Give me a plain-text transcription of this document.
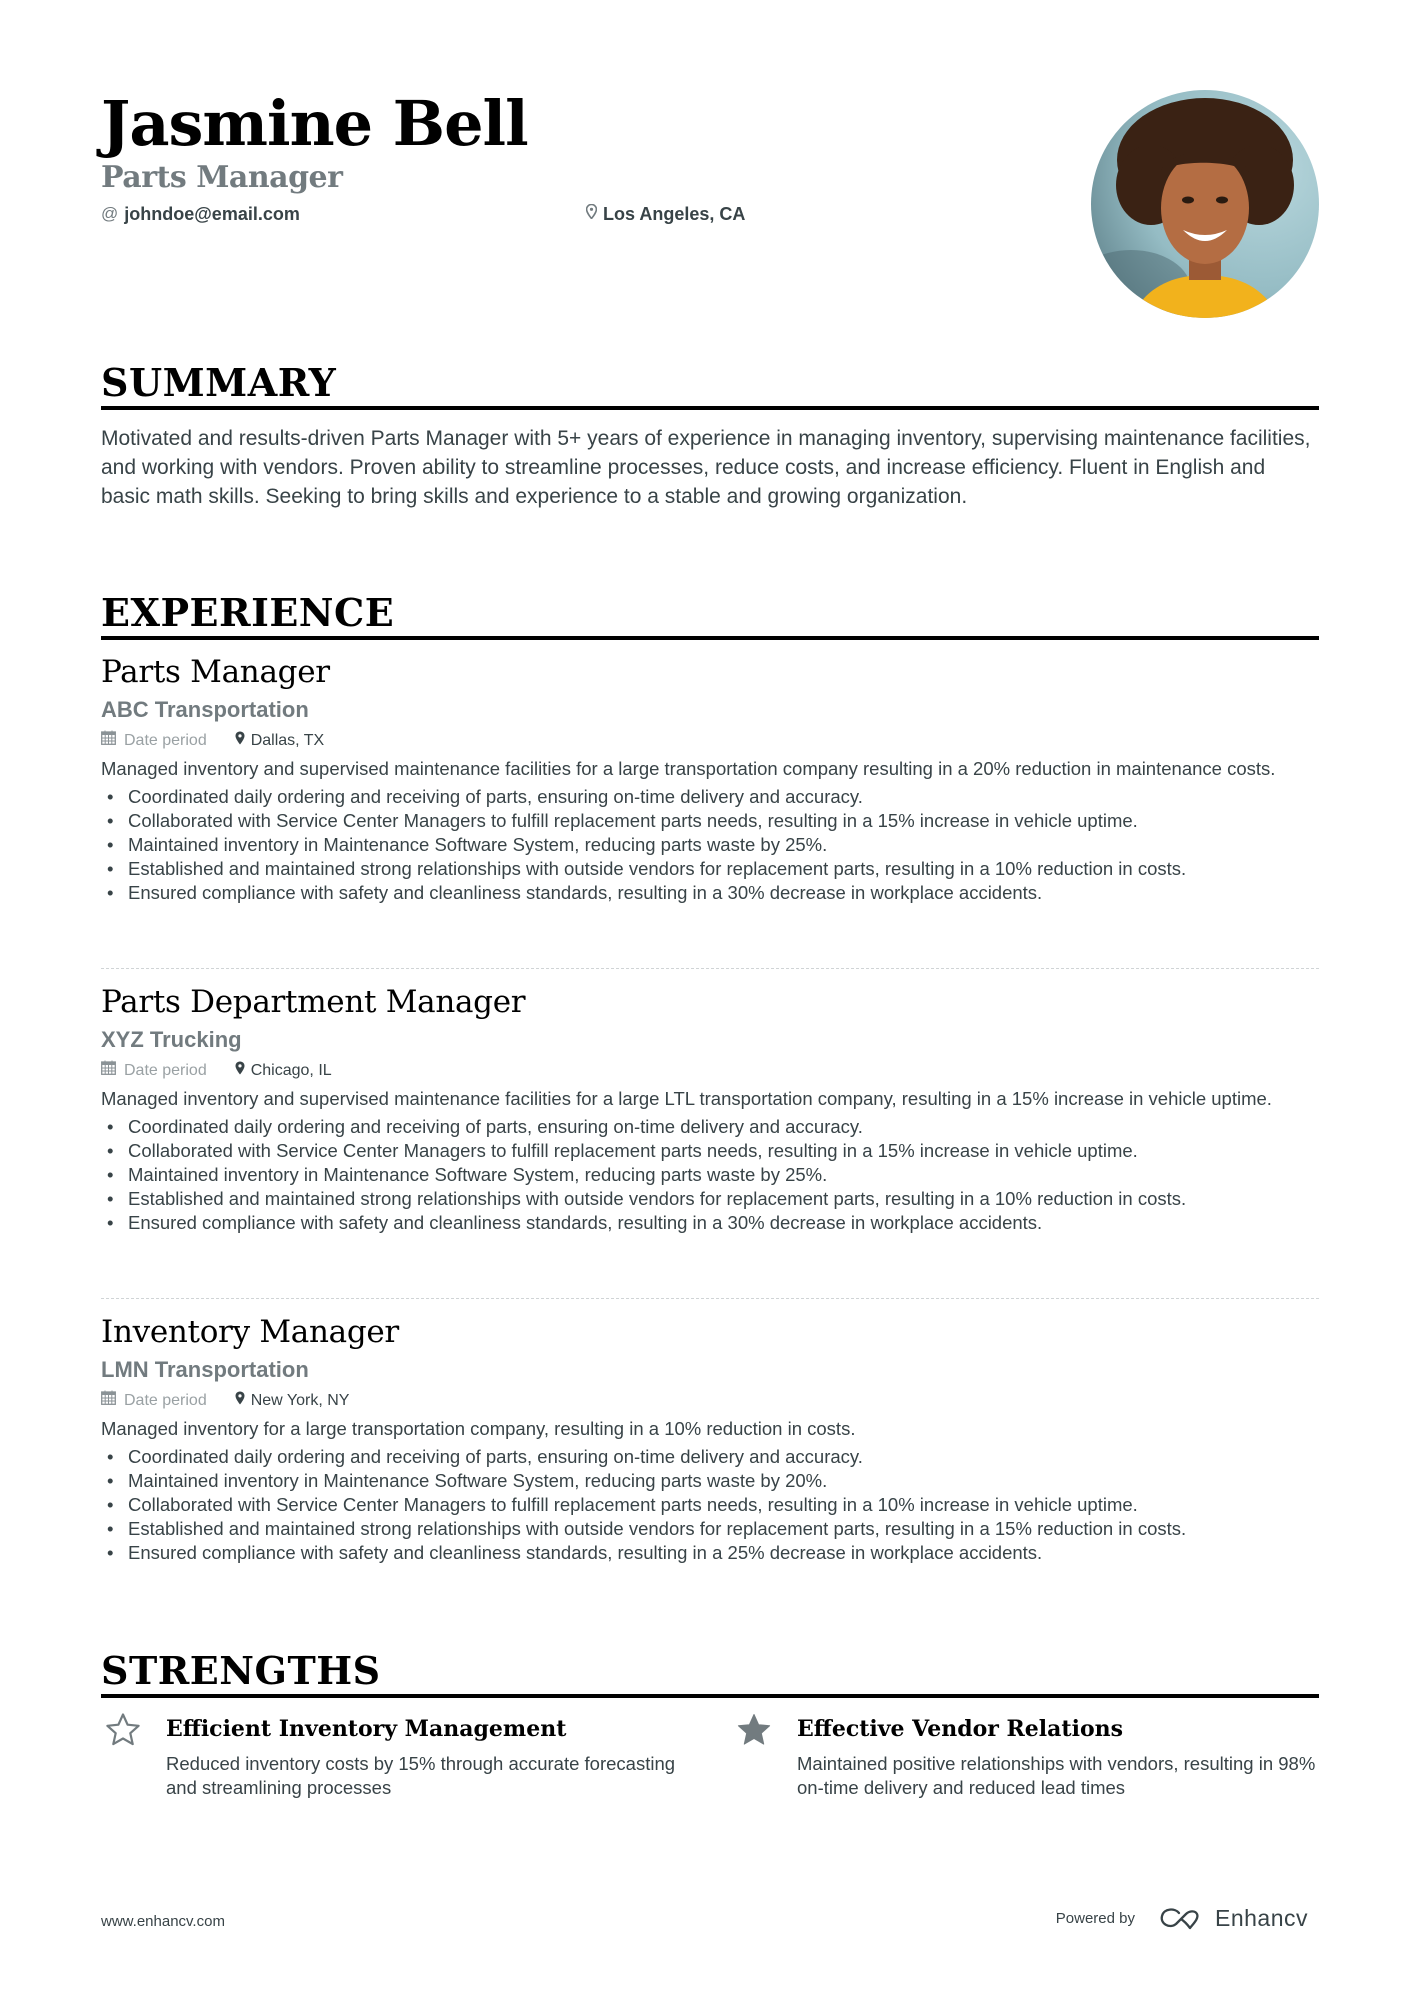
Jasmine Bell
Parts Manager
@ johndoe@email.com	Los Angeles, CA
SUMMARY
Motivated and results-driven Parts Manager with 5+ years of experience in managing inventory, supervising maintenance facilities, and working with vendors. Proven ability to streamline processes, reduce costs, and increase efficiency. Fluent in English and basic math skills. Seeking to bring skills and experience to a stable and growing organization.
EXPERIENCE
Parts Manager
ABC Transportation
Date period	Dallas, TX
Managed inventory and supervised maintenance facilities for a large transportation company resulting in a 20% reduction in maintenance costs.
• Coordinated daily ordering and receiving of parts, ensuring on-time delivery and accuracy.
• Collaborated with Service Center Managers to fulfill replacement parts needs, resulting in a 15% increase in vehicle uptime.
• Maintained inventory in Maintenance Software System, reducing parts waste by 25%.
• Established and maintained strong relationships with outside vendors for replacement parts, resulting in a 10% reduction in costs.
• Ensured compliance with safety and cleanliness standards, resulting in a 30% decrease in workplace accidents.
Parts Department Manager
XYZ Trucking
Date period	Chicago, IL
Managed inventory and supervised maintenance facilities for a large LTL transportation company, resulting in a 15% increase in vehicle uptime.
• Coordinated daily ordering and receiving of parts, ensuring on-time delivery and accuracy.
• Collaborated with Service Center Managers to fulfill replacement parts needs, resulting in a 15% increase in vehicle uptime.
• Maintained inventory in Maintenance Software System, reducing parts waste by 25%.
• Established and maintained strong relationships with outside vendors for replacement parts, resulting in a 10% reduction in costs.
• Ensured compliance with safety and cleanliness standards, resulting in a 30% decrease in workplace accidents.
Inventory Manager
LMN Transportation
Date period	New York, NY
Managed inventory for a large transportation company, resulting in a 10% reduction in costs.
• Coordinated daily ordering and receiving of parts, ensuring on-time delivery and accuracy.
• Maintained inventory in Maintenance Software System, reducing parts waste by 20%.
• Collaborated with Service Center Managers to fulfill replacement parts needs, resulting in a 10% increase in vehicle uptime.
• Established and maintained strong relationships with outside vendors for replacement parts, resulting in a 15% reduction in costs.
• Ensured compliance with safety and cleanliness standards, resulting in a 25% decrease in workplace accidents.
STRENGTHS
Efficient Inventory Management
Reduced inventory costs by 15% through accurate forecasting and streamlining processes
Effective Vendor Relations
Maintained positive relationships with vendors, resulting in 98% on-time delivery and reduced lead times
www.enhancv.com	Powered by	Enhancv
